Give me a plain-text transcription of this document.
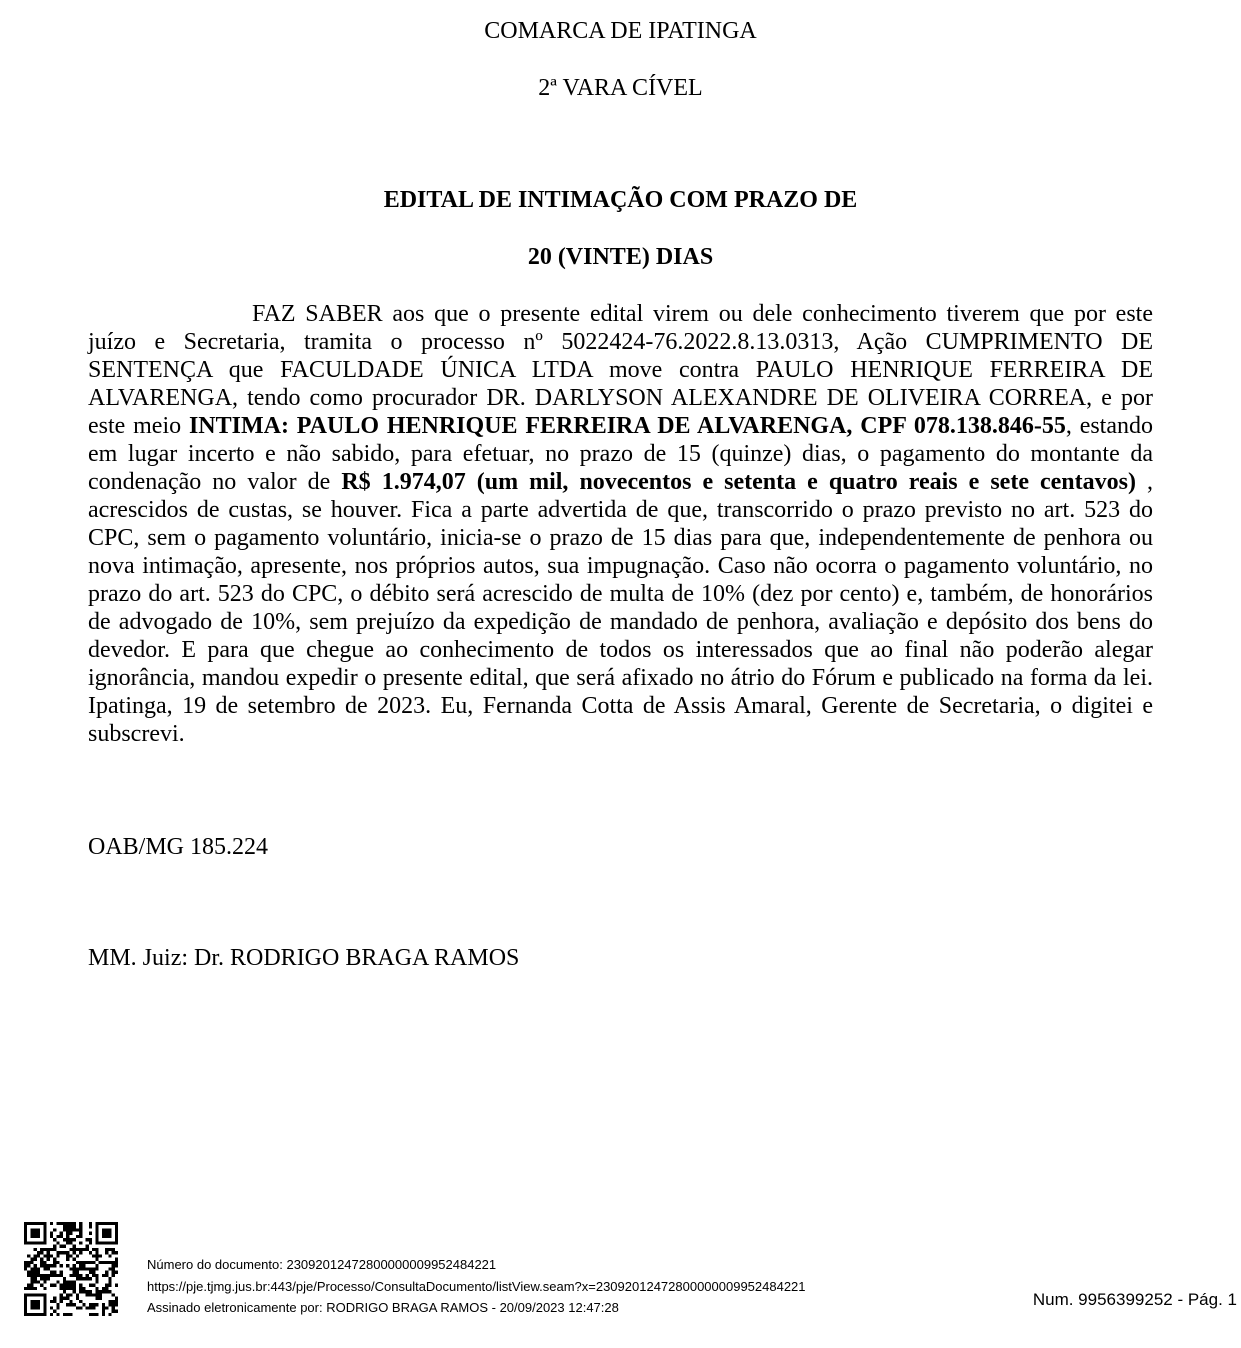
COMARCA DE IPATINGA
2ª VARA CÍVEL
EDITAL DE INTIMAÇÃO COM PRAZO DE
20 (VINTE) DIAS

FAZ SABER aos que o presente edital virem ou dele conhecimento tiverem que por este juízo e Secretaria, tramita o processo nº 5022424-76.2022.8.13.0313, Ação CUMPRIMENTO DE SENTENÇA que FACULDADE ÚNICA LTDA move contra PAULO HENRIQUE FERREIRA DE ALVARENGA, tendo como procurador DR. DARLYSON ALEXANDRE DE OLIVEIRA CORREA, e por este meio INTIMA: PAULO HENRIQUE FERREIRA DE ALVARENGA, CPF 078.138.846-55, estando em lugar incerto e não sabido, para efetuar, no prazo de 15 (quinze) dias, o pagamento do montante da condenação no valor de R$ 1.974,07 (um mil, novecentos e setenta e quatro reais e sete centavos) , acrescidos de custas, se houver. Fica a parte advertida de que, transcorrido o prazo previsto no art. 523 do CPC, sem o pagamento voluntário, inicia-se o prazo de 15 dias para que, independentemente de penhora ou nova intimação, apresente, nos próprios autos, sua impugnação. Caso não ocorra o pagamento voluntário, no prazo do art. 523 do CPC, o débito será acrescido de multa de 10% (dez por cento) e, também, de honorários de advogado de 10%, sem prejuízo da expedição de mandado de penhora, avaliação e depósito dos bens do devedor. E para que chegue ao conhecimento de todos os interessados que ao final não poderão alegar ignorância, mandou expedir o presente edital, que será afixado no átrio do Fórum e publicado na forma da lei. Ipatinga, 19 de setembro de 2023. Eu, Fernanda Cotta de Assis Amaral, Gerente de Secretaria, o digitei e subscrevi.

OAB/MG 185.224
MM. Juiz: Dr. RODRIGO BRAGA RAMOS
Número do documento: 23092012472800000009952484221
https://pje.tjmg.jus.br:443/pje/Processo/ConsultaDocumento/listView.seam?x=23092012472800000009952484221
Assinado eletronicamente por: RODRIGO BRAGA RAMOS - 20/09/2023 12:47:28	Num. 9956399252 - Pág. 1
